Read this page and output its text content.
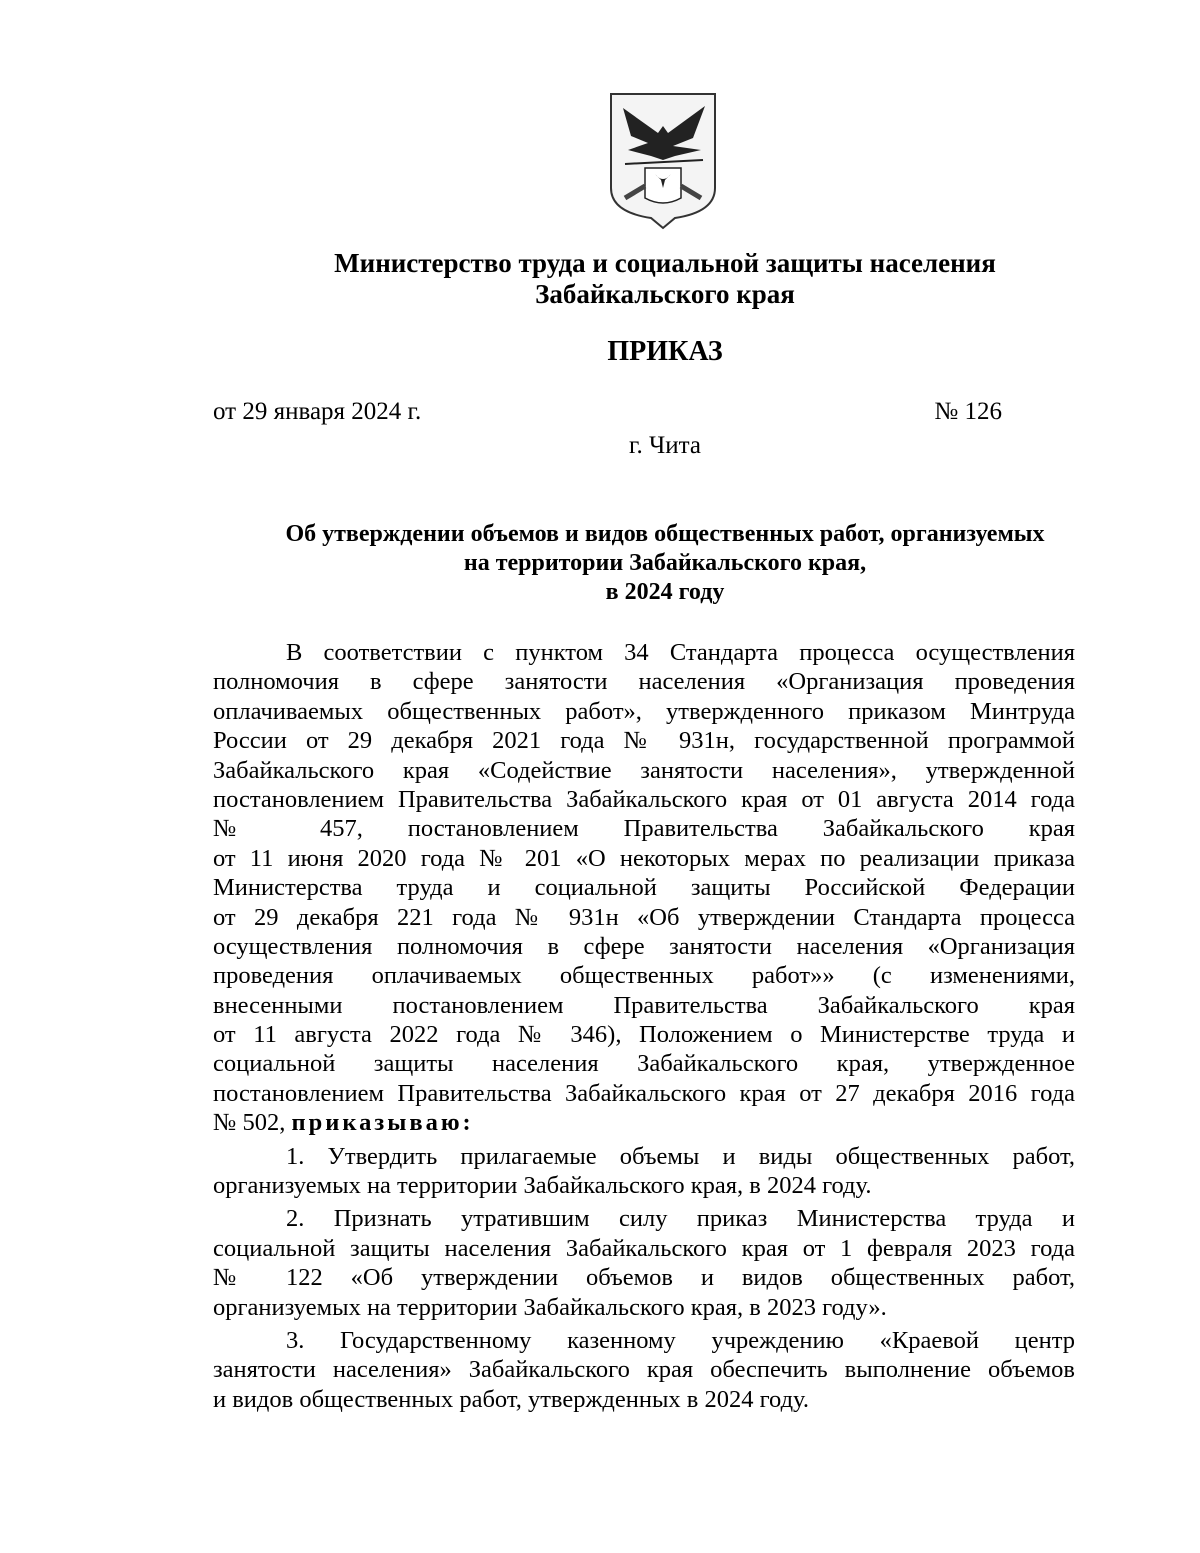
Министерство труда и социальной защиты населения
Забайкальского края
ПРИКАЗ
от 29 января 2024 г.	№ 126
г. Чита
Об утверждении объемов и видов общественных работ, организуемых
на территории Забайкальского края,
в 2024 году
В соответствии с пунктом 34 Стандарта процесса осуществления
полномочия в сфере занятости населения «Организация проведения
оплачиваемых общественных работ», утвержденного приказом Минтруда
России от 29 декабря 2021 года № 931н, государственной программой
Забайкальского края «Содействие занятости населения», утвержденной
постановлением Правительства Забайкальского края от 01 августа 2014 года
№ 457, постановлением Правительства Забайкальского края
от 11 июня 2020 года № 201 «О некоторых мерах по реализации приказа
Министерства труда и социальной защиты Российской Федерации
от 29 декабря 221 года № 931н «Об утверждении Стандарта процесса
осуществления полномочия в сфере занятости населения «Организация
проведения оплачиваемых общественных работ»» (с изменениями,
внесенными постановлением Правительства Забайкальского края
от 11 августа 2022 года № 346), Положением о Министерстве труда и
социальной защиты населения Забайкальского края, утвержденное
постановлением Правительства Забайкальского края от 27 декабря 2016 года
№ 502, приказываю:
1. Утвердить прилагаемые объемы и виды общественных работ,
организуемых на территории Забайкальского края, в 2024 году.
2. Признать утратившим силу приказ Министерства труда и
социальной защиты населения Забайкальского края от 1 февраля 2023 года
№ 122 «Об утверждении объемов и видов общественных работ,
организуемых на территории Забайкальского края, в 2023 году».
3. Государственному казенному учреждению «Краевой центр
занятости населения» Забайкальского края обеспечить выполнение объемов
и видов общественных работ, утвержденных в 2024 году.
